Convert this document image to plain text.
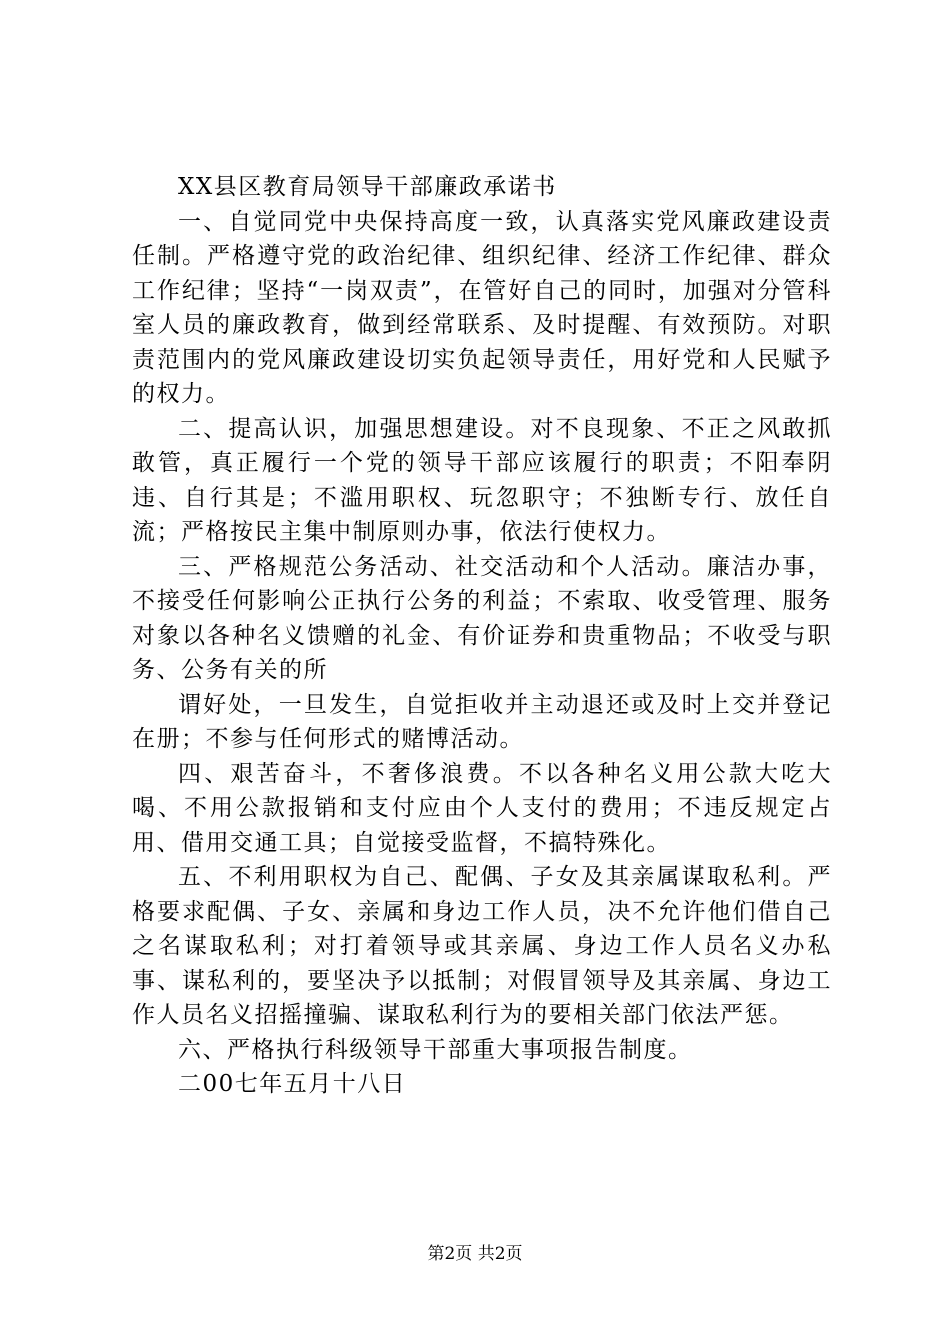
XX县区教育局领导干部廉政承诺书

一、自觉同党中央保持高度一致，认真落实党风廉政建设责任制。严格遵守党的政治纪律、组织纪律、经济工作纪律、群众工作纪律；坚持“一岗双责”，在管好自己的同时，加强对分管科室人员的廉政教育，做到经常联系、及时提醒、有效预防。对职责范围内的党风廉政建设切实负起领导责任，用好党和人民赋予的权力。

二、提高认识，加强思想建设。对不良现象、不正之风敢抓敢管，真正履行一个党的领导干部应该履行的职责；不阳奉阴违、自行其是；不滥用职权、玩忽职守；不独断专行、放任自流；严格按民主集中制原则办事，依法行使权力。

三、严格规范公务活动、社交活动和个人活动。廉洁办事，不接受任何影响公正执行公务的利益；不索取、收受管理、服务对象以各种名义馈赠的礼金、有价证券和贵重物品；不收受与职务、公务有关的所

谓好处，一旦发生，自觉拒收并主动退还或及时上交并登记在册；不参与任何形式的赌博活动。

四、艰苦奋斗，不奢侈浪费。不以各种名义用公款大吃大喝、不用公款报销和支付应由个人支付的费用；不违反规定占用、借用交通工具；自觉接受监督，不搞特殊化。

五、不利用职权为自己、配偶、子女及其亲属谋取私利。严格要求配偶、子女、亲属和身边工作人员，决不允许他们借自己之名谋取私利；对打着领导或其亲属、身边工作人员名义办私事、谋私利的，要坚决予以抵制；对假冒领导及其亲属、身边工作人员名义招摇撞骗、谋取私利行为的要相关部门依法严惩。

六、严格执行科级领导干部重大事项报告制度。

二00七年五月十八日

第2页 共2页
